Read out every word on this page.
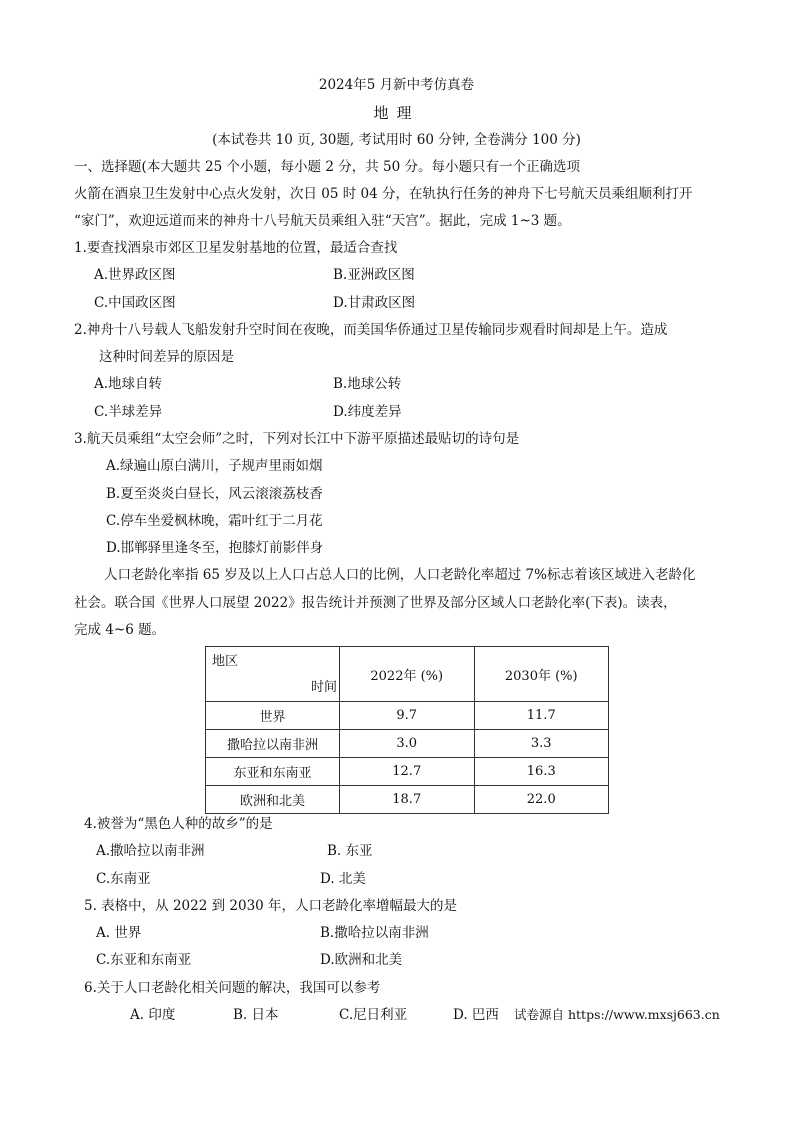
2024年5 月新中考仿真卷
地理
(本试卷共 10 页, 30题, 考试用时 60 分钟, 全卷满分 100 分)
一、选择题(本大题共 25 个小题，每小题 2 分，共 50 分。每小题只有一个正确选项
火箭在酒泉卫生发射中心点火发射，次日 05 时 04 分，在轨执行任务的神舟下七号航天员乘组顺利打开
“家门”，欢迎远道而来的神舟十八号航天员乘组入驻“天宫”。据此，完成 1~3 题。
1.要查找酒泉市郊区卫星发射基地的位置，最适合查找
A.世界政区图	B.亚洲政区图
C.中国政区图	D.甘肃政区图
2.神舟十八号载人飞船发射升空时间在夜晚，而美国华侨通过卫星传输同步观看时间却是上午。造成
这种时间差异的原因是
A.地球自转	B.地球公转
C.半球差异	D.纬度差异
3.航天员乘组“太空会师”之时，下列对长江中下游平原描述最贴切的诗句是
A.绿遍山原白满川，子规声里雨如烟
B.夏至炎炎白昼长，风云滚滚荔枝香
C.停车坐爱枫林晚，霜叶红于二月花
D.邯郸驿里逢冬至，抱膝灯前影伴身
人口老龄化率指 65 岁及以上人口占总人口的比例，人口老龄化率超过 7%标志着该区域进入老龄化
社会。联合国《世界人口展望 2022》报告统计并预测了世界及部分区域人口老龄化率(下表)。读表，
完成 4~6 题。
地区
时间	2022年 (%)	2030年 (%)
世界	9.7	11.7
撒哈拉以南非洲	3.0	3.3
东亚和东南亚	12.7	16.3
欧洲和北美	18.7	22.0
4.被誉为“黑色人种的故乡”的是
A.撒哈拉以南非洲	B. 东亚
C.东南亚	D. 北美
5. 表格中，从 2022 到 2030 年，人口老龄化率增幅最大的是
A. 世界	B.撒哈拉以南非洲
C.东亚和东南亚	D.欧洲和北美
6.关于人口老龄化相关问题的解决，我国可以参考
A. 印度	B. 日本	C.尼日利亚	D. 巴西 试卷源自 https://www.mxsj663.cn
